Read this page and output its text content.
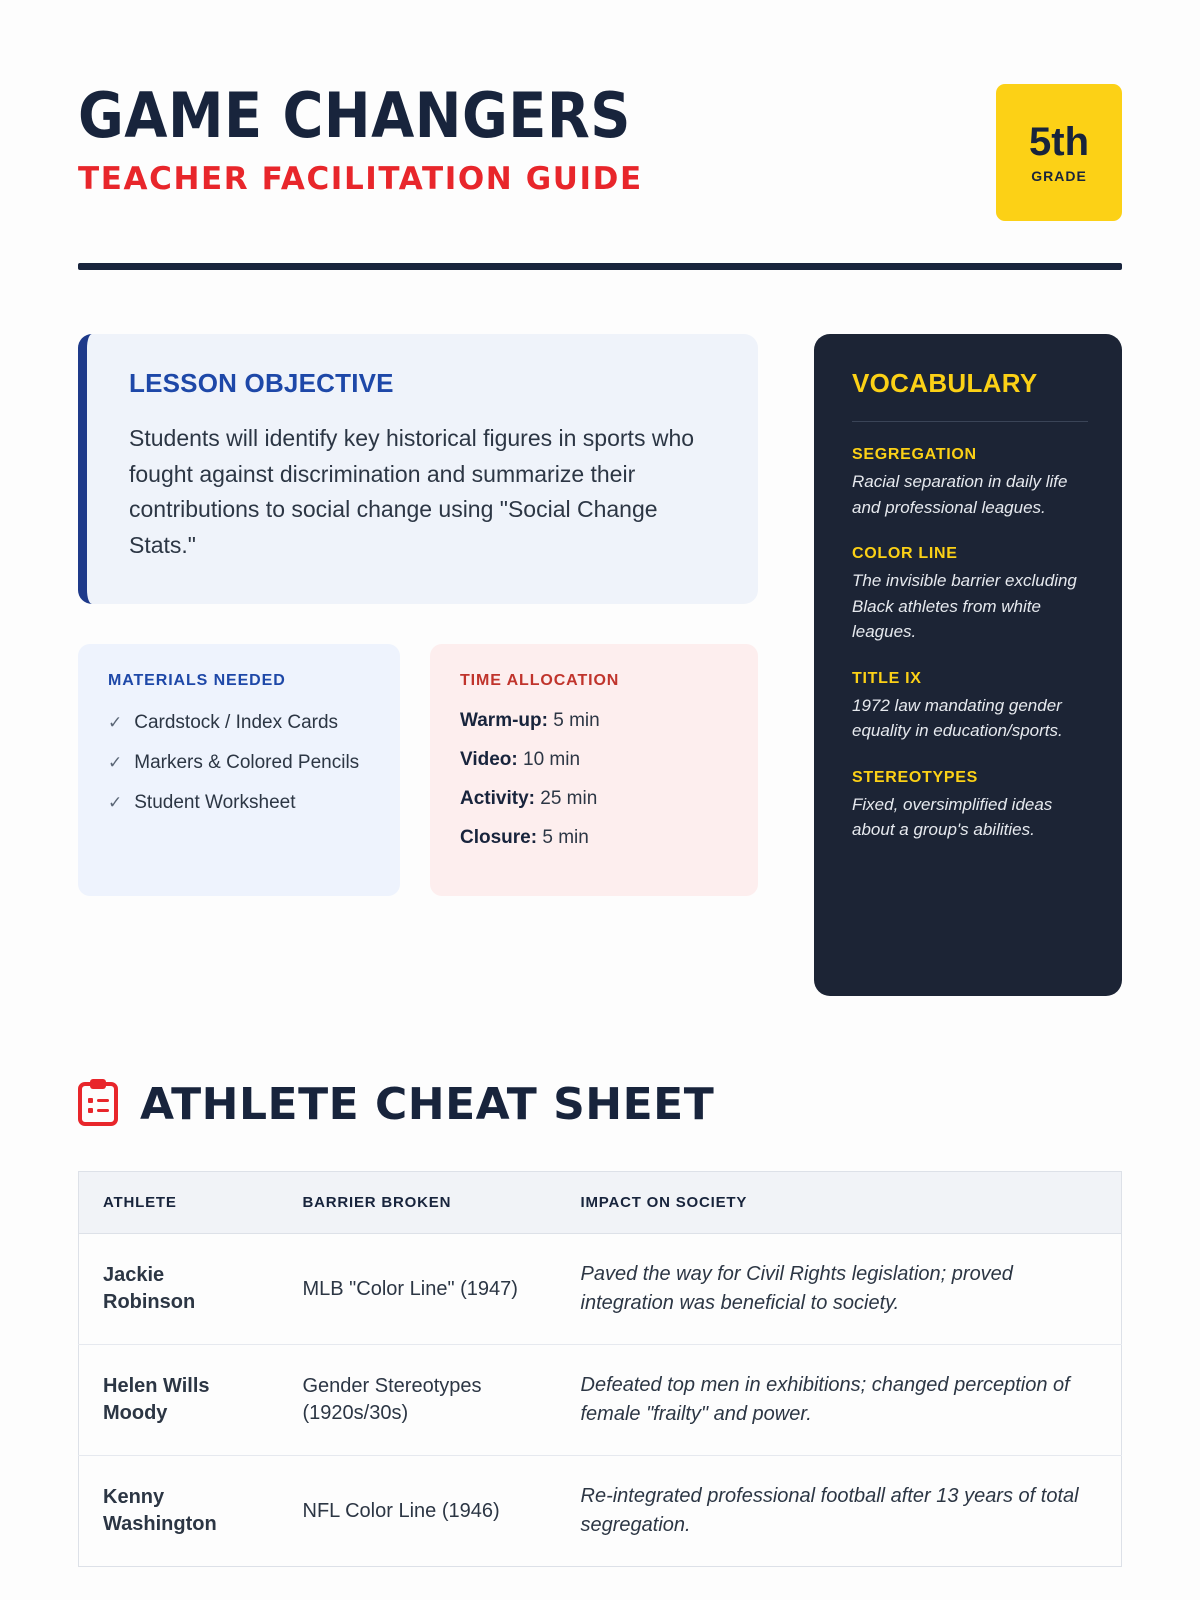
GAME CHANGERS
TEACHER FACILITATION GUIDE
5th
GRADE
LESSON OBJECTIVE
Students will identify key historical figures in sports who fought against discrimination and summarize their contributions to social change using "Social Change Stats."
MATERIALS NEEDED
✓ Cardstock / Index Cards
✓ Markers & Colored Pencils
✓ Student Worksheet
TIME ALLOCATION
Warm-up: 5 min
Video: 10 min
Activity: 25 min
Closure: 5 min
VOCABULARY
SEGREGATION
Racial separation in daily life and professional leagues.
COLOR LINE
The invisible barrier excluding Black athletes from white leagues.
TITLE IX
1972 law mandating gender equality in education/sports.
STEREOTYPES
Fixed, oversimplified ideas about a group's abilities.
ATHLETE CHEAT SHEET
ATHLETE	BARRIER BROKEN	IMPACT ON SOCIETY
Jackie Robinson	MLB "Color Line" (1947)	Paved the way for Civil Rights legislation; proved integration was beneficial to society.
Helen Wills Moody	Gender Stereotypes (1920s/30s)	Defeated top men in exhibitions; changed perception of female "frailty" and power.
Kenny Washington	NFL Color Line (1946)	Re-integrated professional football after 13 years of total segregation.
